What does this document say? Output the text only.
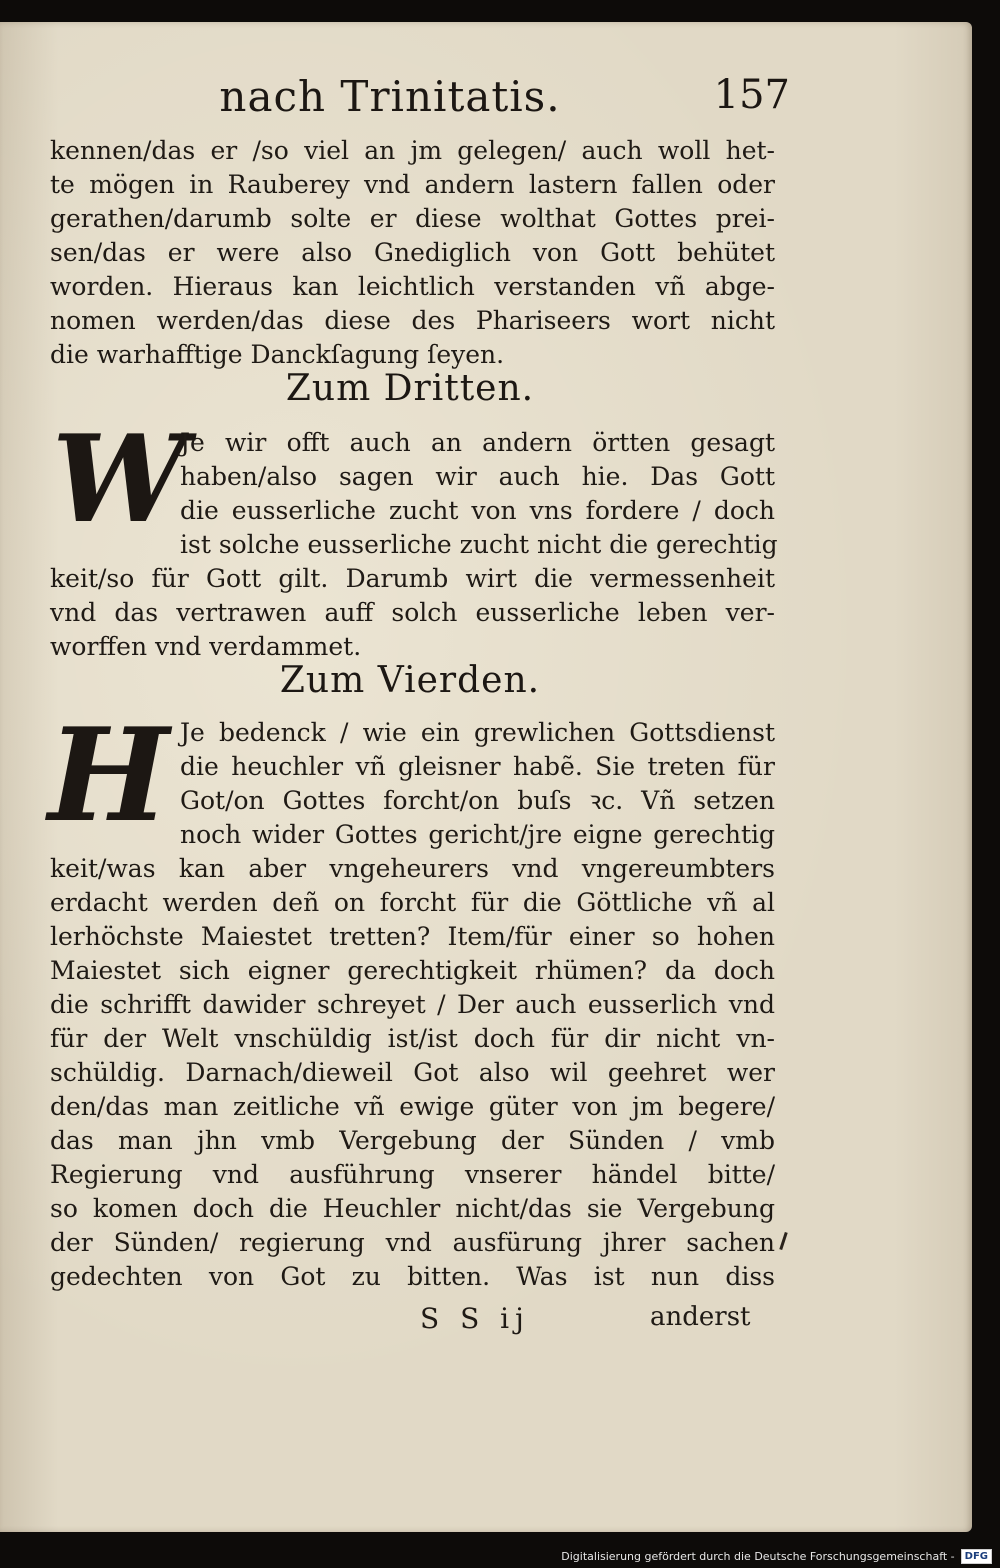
nach Trinitatis.	157
kennen/das er /so viel an jm gelegen/ auch woll het-
te mögen in Rauberey vnd andern lastern fallen oder
gerathen/darumb solte er diese wolthat Gottes prei-
sen/das er were also Gnediglich von Gott behütet
worden. Hieraus kan leichtlich verstanden vñ abge-
nomen werden/das diese des Phariseers wort nicht
die warhafftige Danckſagung ſeyen.
Zum Dritten.
W
Je wir offt auch an andern örtten gesagt
haben/also sagen wir auch hie. Das Gott
die eusserliche zucht von vns fordere / doch
ist solche eusserliche zucht nicht die gerechtig
keit/so für Gott gilt. Darumb wirt die vermessenheit
vnd das vertrawen auff solch eusserliche leben ver-
worffen vnd verdammet.
Zum Vierden.
H Je bedenck / wie ein grewlichen Gottsdienst
die heuchler vñ gleisner habẽ. Sie treten für
Got/on Gottes forcht/on buſs ꝛc. Vñ setzen
noch wider Gottes gericht/jre eigne gerechtig
keit/was kan aber vngeheurers vnd vngereumbters
erdacht werden deñ on forcht für die Göttliche vñ al
lerhöchste Maiestet tretten? Item/für einer so hohen
Maiestet sich eigner gerechtigkeit rhümen? da doch
die schrifft dawider schreyet / Der auch eusserlich vnd
für der Welt vnschüldig ist/ist doch für dir nicht vn-
schüldig. Darnach/dieweil Got also wil geehret wer
den/das man zeitliche vñ ewige güter von jm begere/
das man jhn vmb Vergebung der Sünden / vmb
Regierung vnd ausführung vnserer händel bitte/
so komen doch die Heuchler nicht/das sie Vergebung
der Sünden/ regierung vnd ausfürung jhrer sachen
gedechten von Got zu bitten. Was ist nun diss
S S ij	anderst
Digitalisierung gefördert durch die Deutsche Forschungsgemeinschaft -	DFG
